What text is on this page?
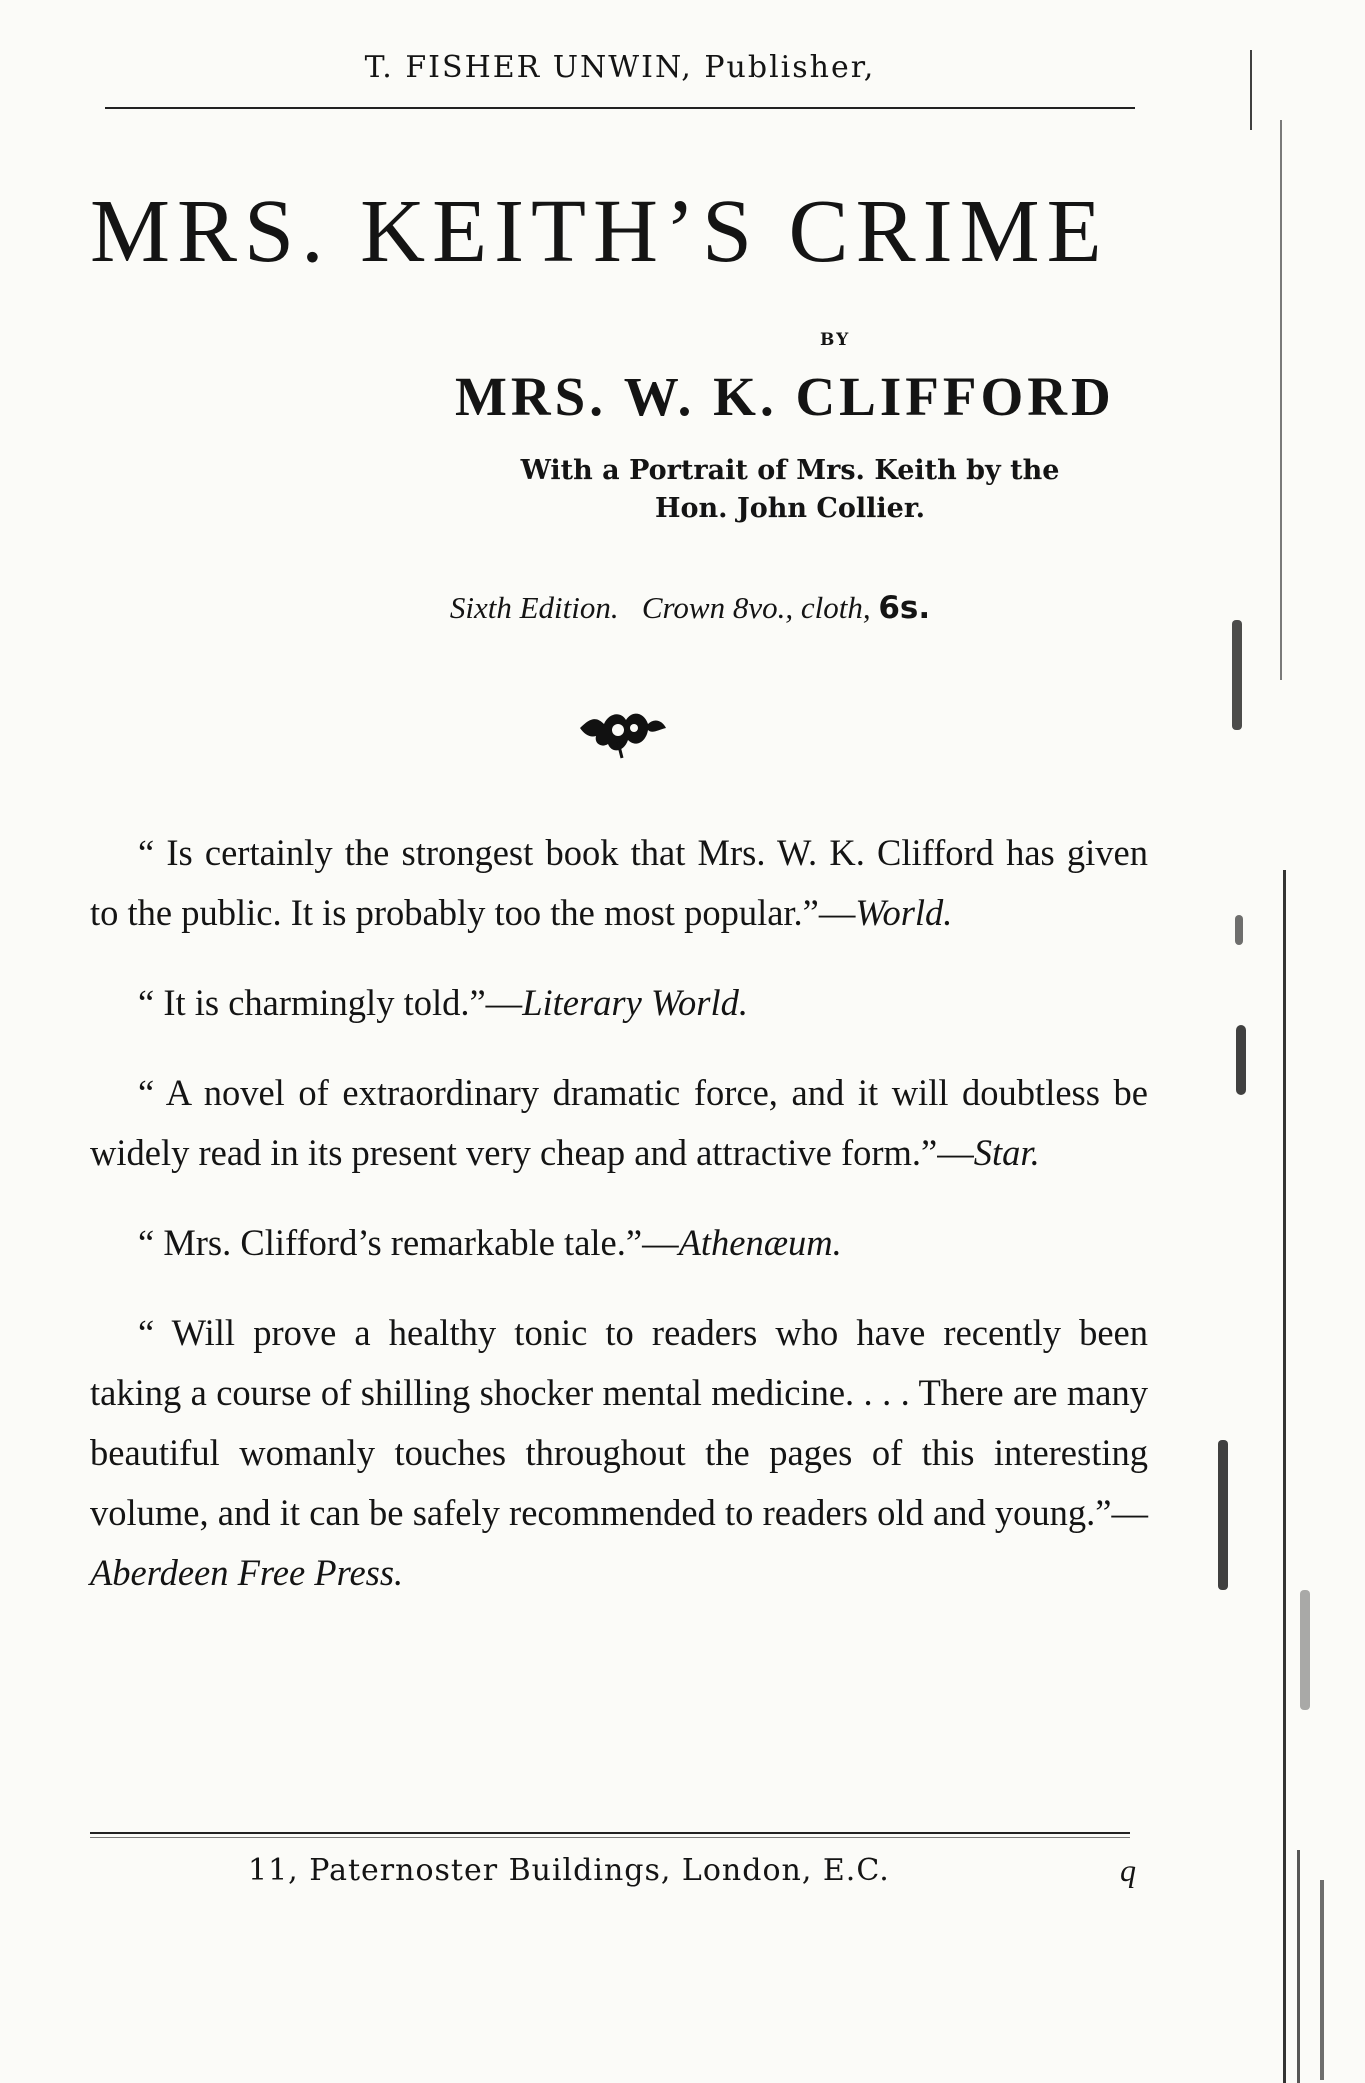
T. FISHER UNWIN, Publisher,
MRS. KEITH’S CRIME
BY
MRS. W. K. CLIFFORD
With a Portrait of Mrs. Keith by the
Hon. John Collier.
Sixth Edition. Crown 8vo., cloth, 6s.

“ Is certainly the strongest book that Mrs. W. K. Clifford has given to the public. It is probably too the most popular.”—World.

“ It is charmingly told.”—Literary World.

“ A novel of extraordinary dramatic force, and it will doubtless be widely read in its present very cheap and attractive form.”—Star.

“ Mrs. Clifford’s remarkable tale.”—Athenæum.

“ Will prove a healthy tonic to readers who have recently been taking a course of shilling shocker mental medicine. . . . There are many beautiful womanly touches throughout the pages of this interesting volume, and it can be safely recommended to readers old and young.”—Aberdeen Free Press.

11, Paternoster Buildings, London, E.C.	q
